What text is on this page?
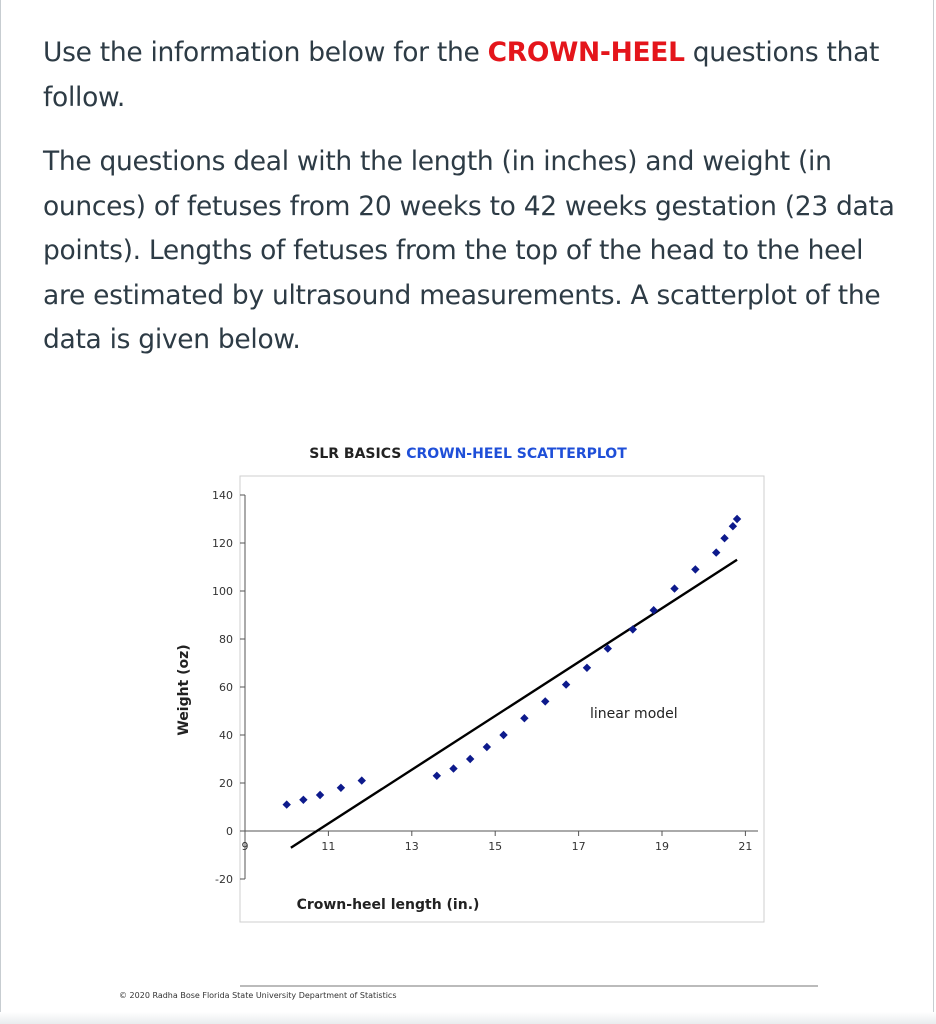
Use the information below for the CROWN-HEEL questions that follow.

The questions deal with the length (in inches) and weight (in ounces) of fetuses from 20 weeks to 42 weeks gestation (23 data points). Lengths of fetuses from the top of the head to the heel are estimated by ultrasound measurements. A scatterplot of the data is given below.

SLR BASICS CROWN-HEEL SCATTERPLOT
© 2020 Radha Bose Florida State University Department of Statistics
linear model
Crown-heel length (in.)
Weight (oz)
-20
0
20
40
60
80
100
120
140
9	11	13	15	17	19	21
